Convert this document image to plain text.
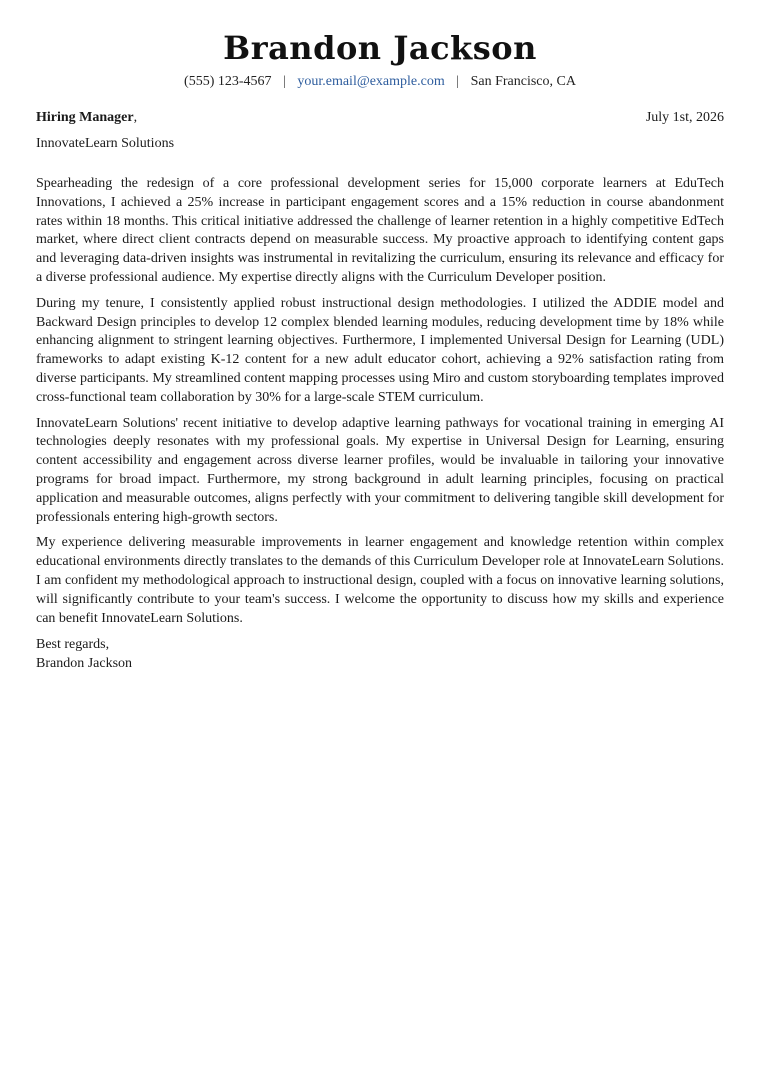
Brandon Jackson
(555) 123-4567 | your.email@example.com | San Francisco, CA
Hiring Manager,	July 1st, 2026
InnovateLearn Solutions

Spearheading the redesign of a core professional development series for 15,000 corporate learners at EduTech Innovations, I achieved a 25% increase in participant engagement scores and a 15% reduction in course abandonment rates within 18 months. This critical initiative addressed the challenge of learner retention in a highly competitive EdTech market, where direct client contracts depend on measurable success. My proactive approach to identifying content gaps and leveraging data-driven insights was instrumental in revitalizing the curriculum, ensuring its relevance and efficacy for a diverse professional audience. My expertise directly aligns with the Curriculum Developer position.

During my tenure, I consistently applied robust instructional design methodologies. I utilized the ADDIE model and Backward Design principles to develop 12 complex blended learning modules, reducing development time by 18% while enhancing alignment to stringent learning objectives. Furthermore, I implemented Universal Design for Learning (UDL) frameworks to adapt existing K-12 content for a new adult educator cohort, achieving a 92% satisfaction rating from diverse participants. My streamlined content mapping processes using Miro and custom storyboarding templates improved cross-functional team collaboration by 30% for a large-scale STEM curriculum.

InnovateLearn Solutions' recent initiative to develop adaptive learning pathways for vocational training in emerging AI technologies deeply resonates with my professional goals. My expertise in Universal Design for Learning, ensuring content accessibility and engagement across diverse learner profiles, would be invaluable in tailoring your innovative programs for broad impact. Furthermore, my strong background in adult learning principles, focusing on practical application and measurable outcomes, aligns perfectly with your commitment to delivering tangible skill development for professionals entering high-growth sectors.

My experience delivering measurable improvements in learner engagement and knowledge retention within complex educational environments directly translates to the demands of this Curriculum Developer role at InnovateLearn Solutions. I am confident my methodological approach to instructional design, coupled with a focus on innovative learning solutions, will significantly contribute to your team's success. I welcome the opportunity to discuss how my skills and experience can benefit InnovateLearn Solutions.

Best regards,
Brandon Jackson
